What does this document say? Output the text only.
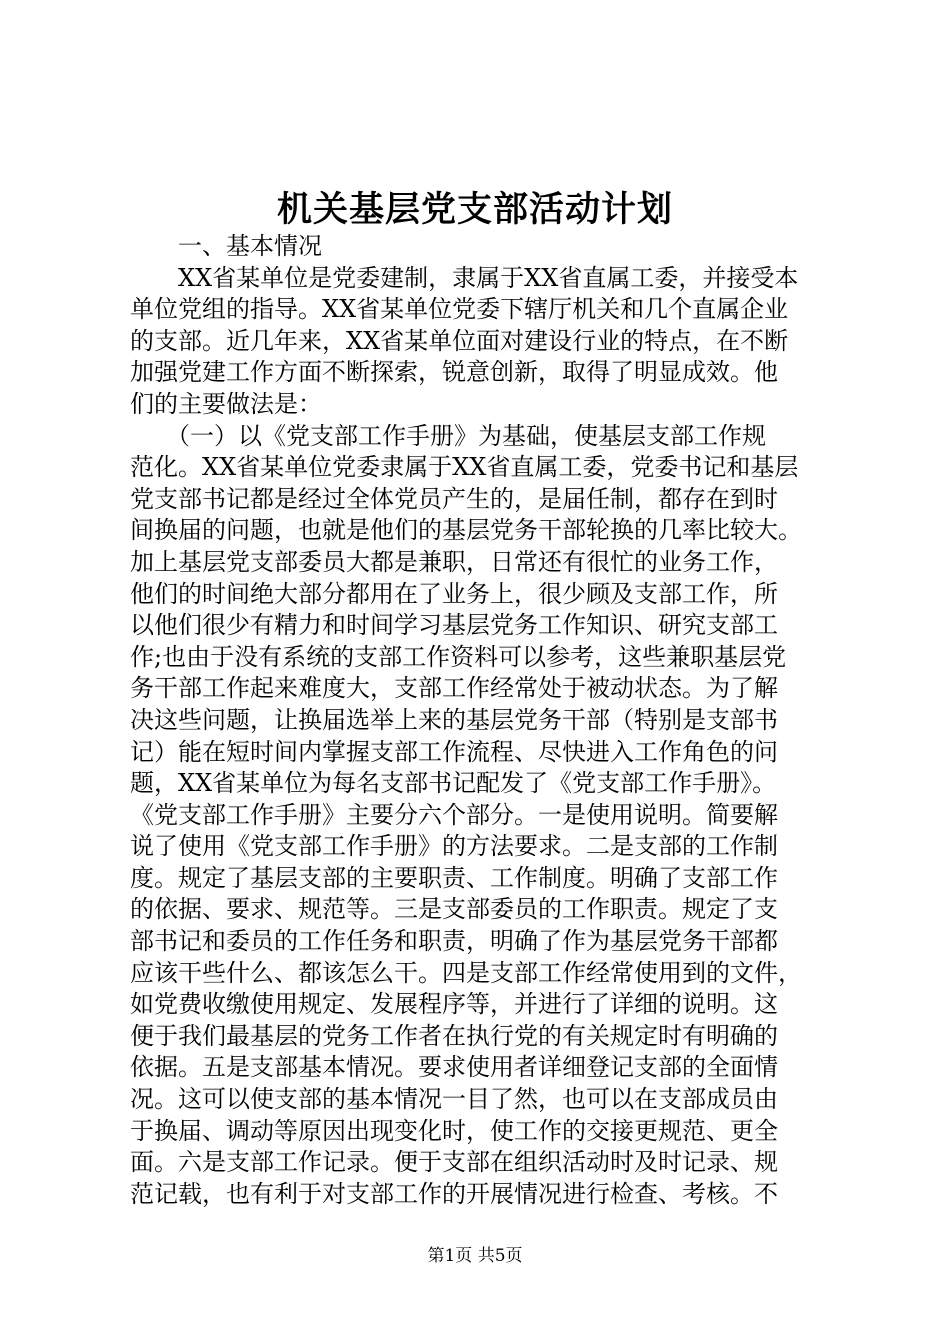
机关基层党支部活动计划
　　一、基本情况
　　XX省某单位是党委建制，隶属于XX省直属工委，并接受本
单位党组的指导。XX省某单位党委下辖厅机关和几个直属企业
的支部。近几年来，XX省某单位面对建设行业的特点，在不断
加强党建工作方面不断探索，锐意创新，取得了明显成效。他
们的主要做法是：
　　（一）以《党支部工作手册》为基础，使基层支部工作规
范化。XX省某单位党委隶属于XX省直属工委，党委书记和基层
党支部书记都是经过全体党员产生的，是届任制，都存在到时
间换届的问题，也就是他们的基层党务干部轮换的几率比较大。
加上基层党支部委员大都是兼职，日常还有很忙的业务工作，
他们的时间绝大部分都用在了业务上，很少顾及支部工作，所
以他们很少有精力和时间学习基层党务工作知识、研究支部工
作;也由于没有系统的支部工作资料可以参考，这些兼职基层党
务干部工作起来难度大，支部工作经常处于被动状态。为了解
决这些问题，让换届选举上来的基层党务干部（特别是支部书
记）能在短时间内掌握支部工作流程、尽快进入工作角色的问
题，XX省某单位为每名支部书记配发了《党支部工作手册》。
《党支部工作手册》主要分六个部分。一是使用说明。简要解
说了使用《党支部工作手册》的方法要求。二是支部的工作制
度。规定了基层支部的主要职责、工作制度。明确了支部工作
的依据、要求、规范等。三是支部委员的工作职责。规定了支
部书记和委员的工作任务和职责，明确了作为基层党务干部都
应该干些什么、都该怎么干。四是支部工作经常使用到的文件，
如党费收缴使用规定、发展程序等，并进行了详细的说明。这
便于我们最基层的党务工作者在执行党的有关规定时有明确的
依据。五是支部基本情况。要求使用者详细登记支部的全面情
况。这可以使支部的基本情况一目了然，也可以在支部成员由
于换届、调动等原因出现变化时，使工作的交接更规范、更全
面。六是支部工作记录。便于支部在组织活动时及时记录、规
范记载，也有利于对支部工作的开展情况进行检查、考核。不
第1页 共5页
